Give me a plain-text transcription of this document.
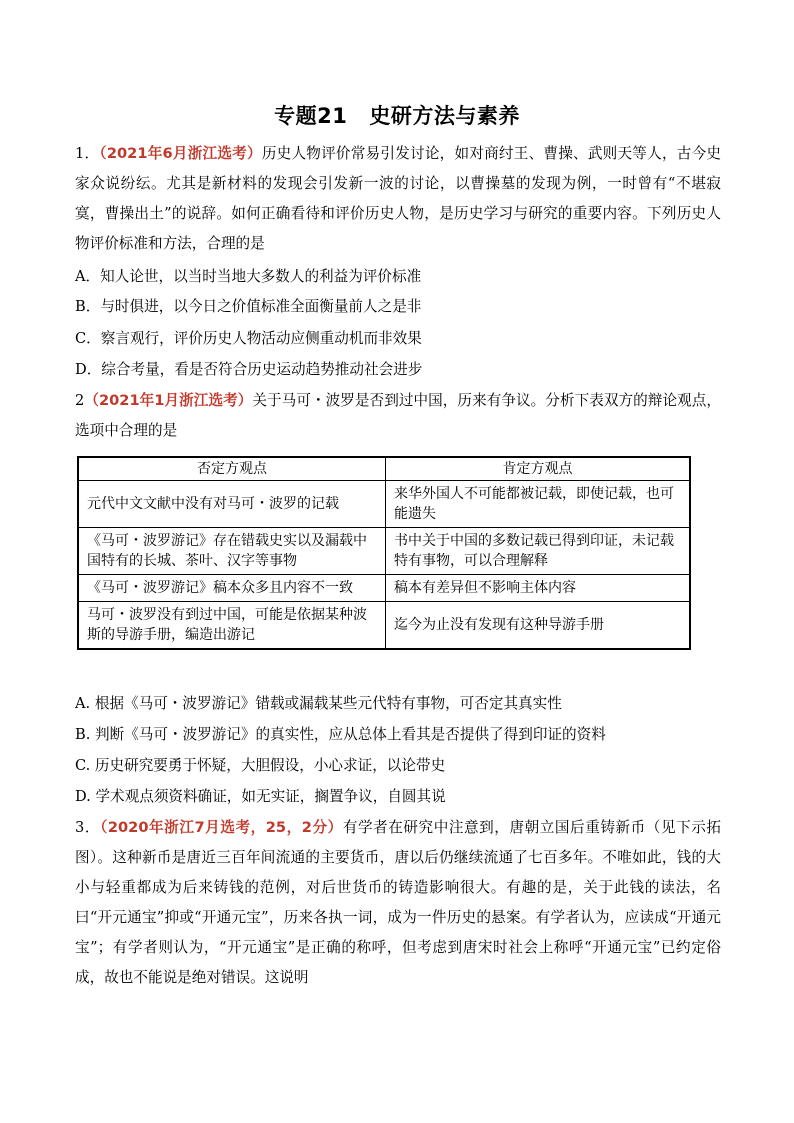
专题21 史研方法与素养
1．（2021年6月浙江选考）历史人物评价常易引发讨论，如对商纣王、曹操、武则天等人，古今史家众说纷纭。尤其是新材料的发现会引发新一波的讨论，以曹操墓的发现为例，一时曾有“不堪寂寞，曹操出土”的说辞。如何正确看待和评价历史人物，是历史学习与研究的重要内容。下列历史人物评价标准和方法，合理的是
A．知人论世，以当时当地大多数人的利益为评价标准
B．与时俱进，以今日之价值标准全面衡量前人之是非
C．察言观行，评价历史人物活动应侧重动机而非效果
D．综合考量，看是否符合历史运动趋势推动社会进步
2（2021年1月浙江选考）关于马可・波罗是否到过中国，历来有争议。分析下表双方的辩论观点，选项中合理的是
否定方观点	肯定方观点
元代中文文献中没有对马可・波罗的记载	来华外国人不可能都被记载，即使记载，也可能遗失
《马可・波罗游记》存在错载史实以及漏载中国特有的长城、茶叶、汉字等事物	书中关于中国的多数记载已得到印证，未记载特有事物，可以合理解释
《马可・波罗游记》稿本众多且内容不一致	稿本有差异但不影响主体内容
马可・波罗没有到过中国，可能是依据某种波斯的导游手册，编造出游记	迄今为止没有发现有这种导游手册
A. 根据《马可・波罗游记》错载或漏载某些元代特有事物，可否定其真实性
B. 判断《马可・波罗游记》的真实性，应从总体上看其是否提供了得到印证的资料
C. 历史研究要勇于怀疑，大胆假设，小心求证，以论带史
D. 学术观点须资料确证，如无实证，搁置争议，自圆其说
3．（2020年浙江7月选考，25，2分）有学者在研究中注意到，唐朝立国后重铸新币（见下示拓图）。这种新币是唐近三百年间流通的主要货币，唐以后仍继续流通了七百多年。不唯如此，钱的大小与轻重都成为后来铸钱的范例，对后世货币的铸造影响很大。有趣的是，关于此钱的读法，名曰“开元通宝”抑或“开通元宝”，历来各执一词，成为一件历史的悬案。有学者认为，应读成“开通元宝”；有学者则认为，“开元通宝”是正确的称呼，但考虑到唐宋时社会上称呼“开通元宝”已约定俗成，故也不能说是绝对错误。这说明
